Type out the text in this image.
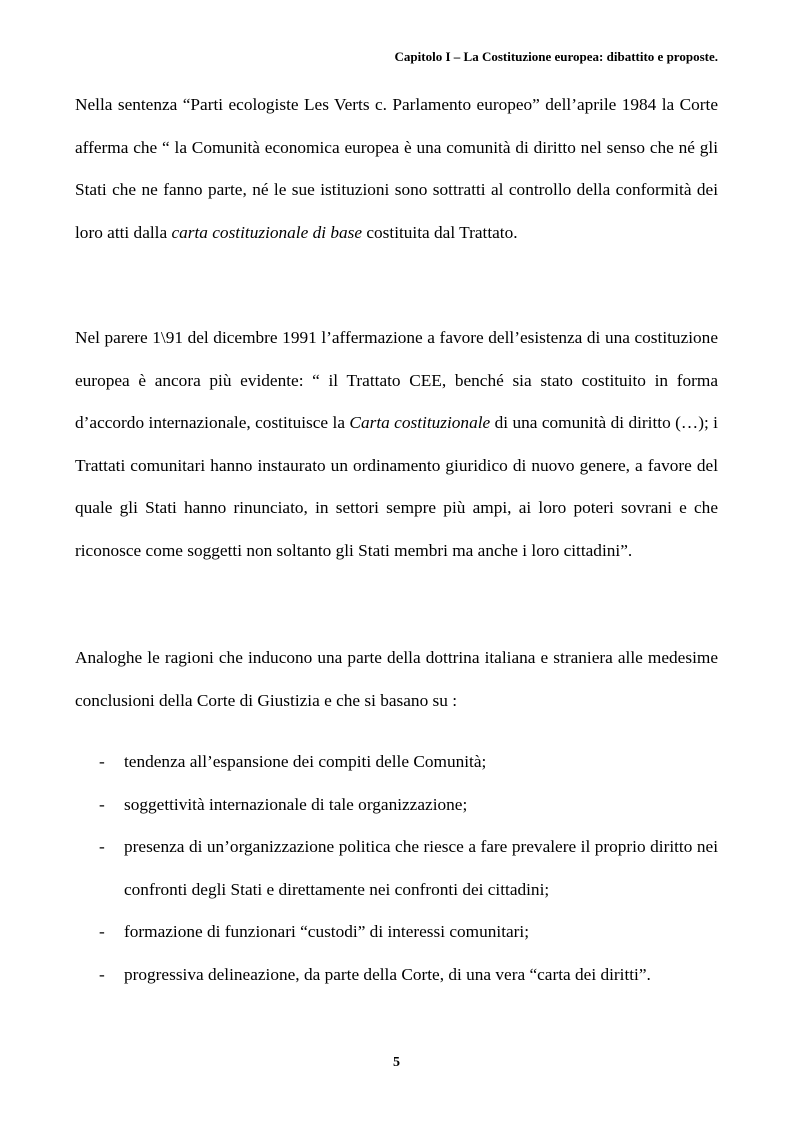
Capitolo I – La Costituzione europea: dibattito e proposte.

Nella sentenza “Parti ecologiste Les Verts c. Parlamento europeo” dell’aprile 1984 la Corte afferma che “ la Comunità economica europea è una comunità di diritto nel senso che né gli Stati che ne fanno parte, né le sue istituzioni sono sottratti al controllo della conformità dei loro atti dalla carta costituzionale di base costituita dal Trattato.

Nel parere 1\91 del dicembre 1991 l’affermazione a favore dell’esistenza di una costituzione europea è ancora più evidente: “ il Trattato CEE, benché sia stato costituito in forma d’accordo internazionale, costituisce la Carta costituzionale di una comunità di diritto (…); i Trattati comunitari hanno instaurato un ordinamento giuridico di nuovo genere, a favore del quale gli Stati hanno rinunciato, in settori sempre più ampi, ai loro poteri sovrani e che riconosce come soggetti non soltanto gli Stati membri ma anche i loro cittadini”.

Analoghe le ragioni che inducono una parte della dottrina italiana e straniera alle medesime conclusioni della Corte di Giustizia e che si basano su :

- tendenza all’espansione dei compiti delle Comunità;
- soggettività internazionale di tale organizzazione;
- presenza di un’organizzazione politica che riesce a fare prevalere il proprio diritto nei confronti degli Stati e direttamente nei confronti dei cittadini;
- formazione di funzionari “custodi” di interessi comunitari;
- progressiva delineazione, da parte della Corte, di una vera “carta dei diritti”.
5
